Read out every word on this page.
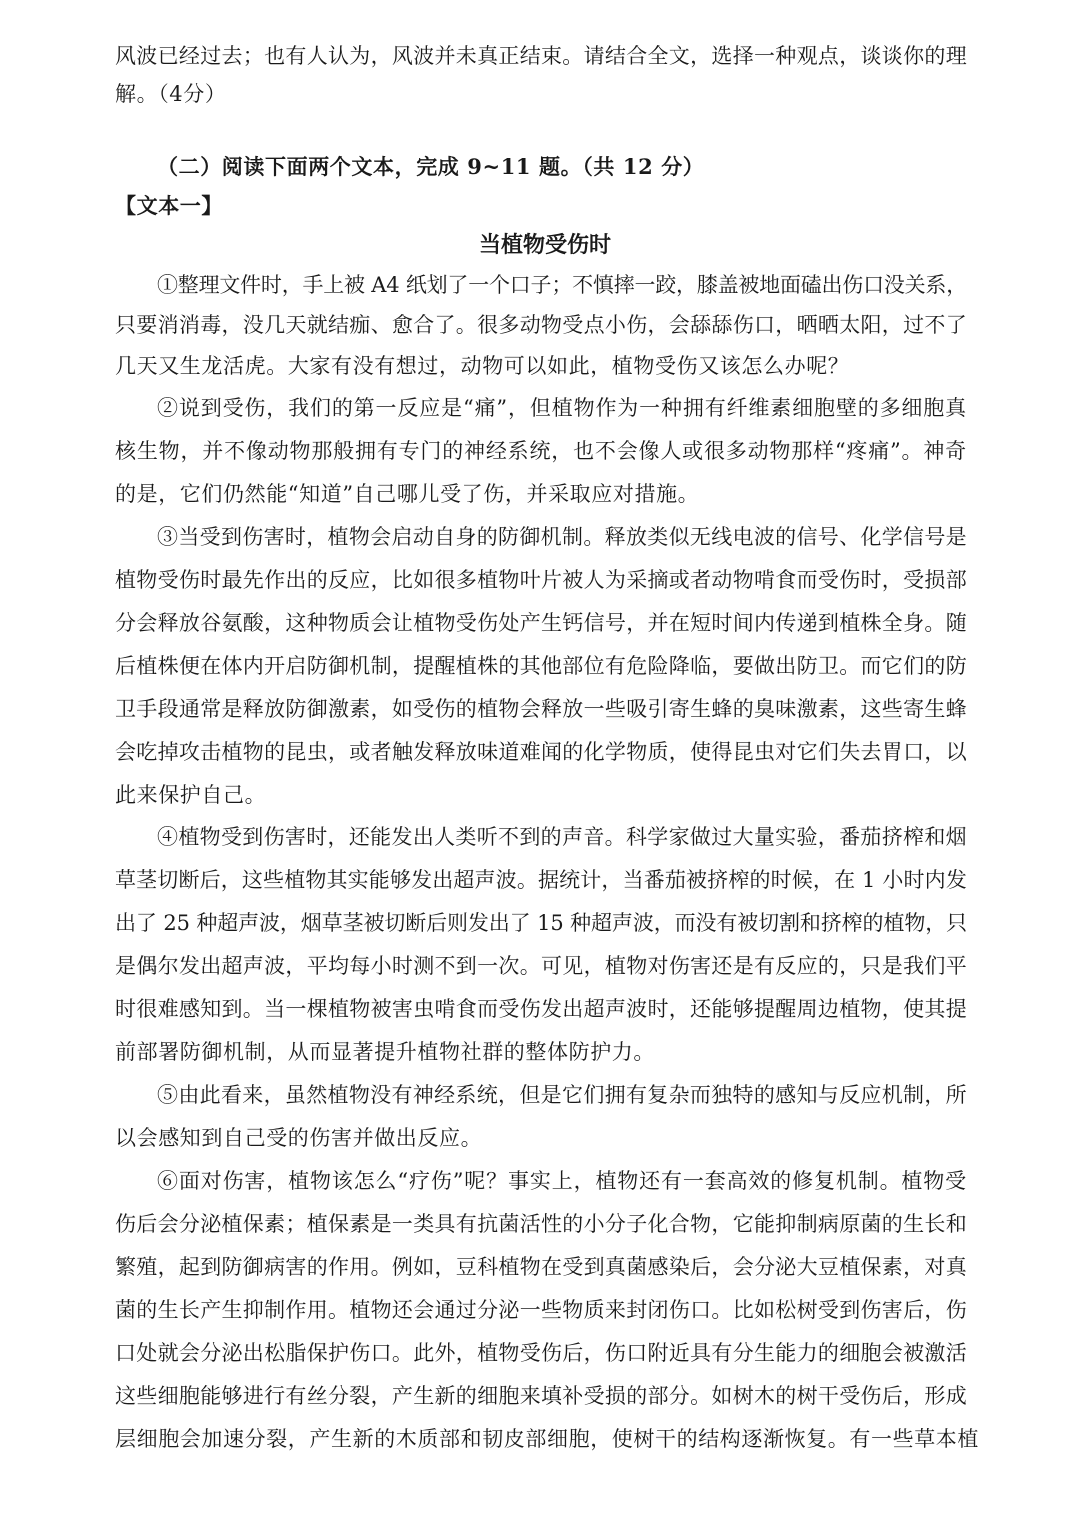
风波已经过去；也有人认为，风波并未真正结束。请结合全文，选择一种观点，谈谈你的理
解。（4分）
（二）阅读下面两个文本，完成 9~11 题。（共 12 分）
【文本一】
当植物受伤时
①整理文件时，手上被 A4 纸划了一个口子；不慎摔一跤，膝盖被地面磕出伤口没关系，
只要消消毒，没几天就结痂、愈合了。很多动物受点小伤，会舔舔伤口，晒晒太阳，过不了
几天又生龙活虎。大家有没有想过，动物可以如此，植物受伤又该怎么办呢？
②说到受伤，我们的第一反应是“痛”，但植物作为一种拥有纤维素细胞壁的多细胞真
核生物，并不像动物那般拥有专门的神经系统，也不会像人或很多动物那样“疼痛”。神奇
的是，它们仍然能“知道”自己哪儿受了伤，并采取应对措施。
③当受到伤害时，植物会启动自身的防御机制。释放类似无线电波的信号、化学信号是
植物受伤时最先作出的反应，比如很多植物叶片被人为采摘或者动物啃食而受伤时，受损部
分会释放谷氨酸，这种物质会让植物受伤处产生钙信号，并在短时间内传递到植株全身。随
后植株便在体内开启防御机制，提醒植株的其他部位有危险降临，要做出防卫。而它们的防
卫手段通常是释放防御激素，如受伤的植物会释放一些吸引寄生蜂的臭味激素，这些寄生蜂
会吃掉攻击植物的昆虫，或者触发释放味道难闻的化学物质，使得昆虫对它们失去胃口，以
此来保护自己。
④植物受到伤害时，还能发出人类听不到的声音。科学家做过大量实验，番茄挤榨和烟
草茎切断后，这些植物其实能够发出超声波。据统计，当番茄被挤榨的时候，在 1 小时内发
出了 25 种超声波，烟草茎被切断后则发出了 15 种超声波，而没有被切割和挤榨的植物，只
是偶尔发出超声波，平均每小时测不到一次。可见，植物对伤害还是有反应的，只是我们平
时很难感知到。当一棵植物被害虫啃食而受伤发出超声波时，还能够提醒周边植物，使其提
前部署防御机制，从而显著提升植物社群的整体防护力。
⑤由此看来，虽然植物没有神经系统，但是它们拥有复杂而独特的感知与反应机制，所
以会感知到自己受的伤害并做出反应。
⑥面对伤害，植物该怎么“疗伤”呢？事实上，植物还有一套高效的修复机制。植物受
伤后会分泌植保素；植保素是一类具有抗菌活性的小分子化合物，它能抑制病原菌的生长和
繁殖，起到防御病害的作用。例如，豆科植物在受到真菌感染后，会分泌大豆植保素，对真
菌的生长产生抑制作用。植物还会通过分泌一些物质来封闭伤口。比如松树受到伤害后，伤
口处就会分泌出松脂保护伤口。此外，植物受伤后，伤口附近具有分生能力的细胞会被激活
这些细胞能够进行有丝分裂，产生新的细胞来填补受损的部分。如树木的树干受伤后，形成
层细胞会加速分裂，产生新的木质部和韧皮部细胞，使树干的结构逐渐恢复。有一些草本植
